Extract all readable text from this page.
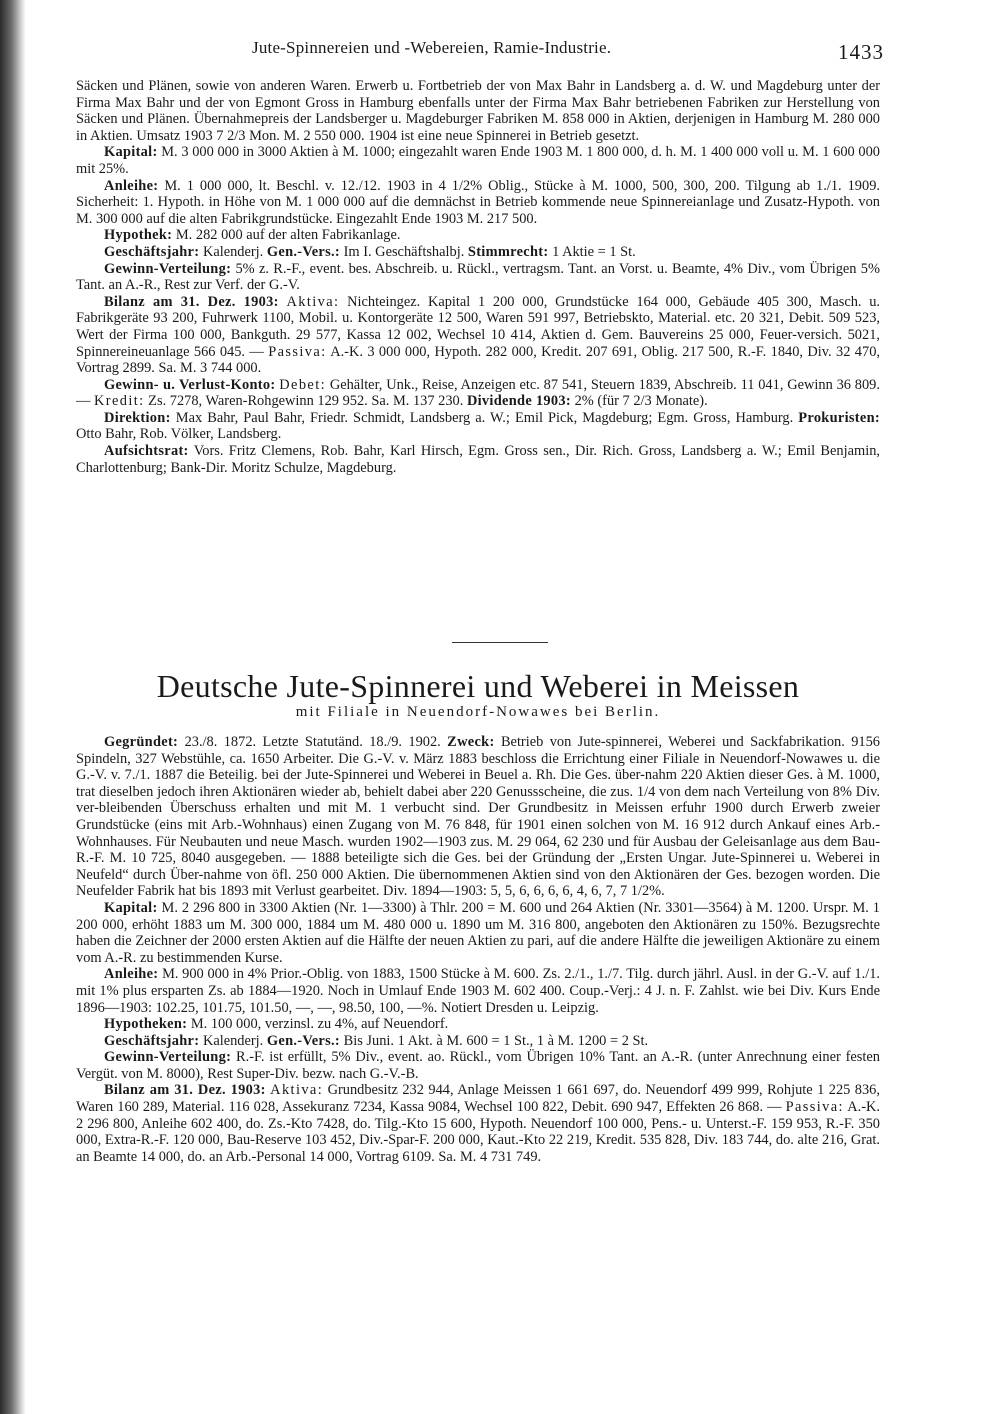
Jute-Spinnereien und -Webereien, Ramie-Industrie.	1433

Säcken und Plänen, sowie von anderen Waren. Erwerb u. Fortbetrieb der von Max Bahr in Landsberg a. d. W. und Magdeburg unter der Firma Max Bahr und der von Egmont Gross in Hamburg ebenfalls unter der Firma Max Bahr betriebenen Fabriken zur Herstellung von Säcken und Plänen. Übernahmepreis der Landsberger u. Magdeburger Fabriken M. 858 000 in Aktien, derjenigen in Hamburg M. 280 000 in Aktien. Umsatz 1903 7 2/3 Mon. M. 2 550 000. 1904 ist eine neue Spinnerei in Betrieb gesetzt.

Kapital: M. 3 000 000 in 3000 Aktien à M. 1000; eingezahlt waren Ende 1903 M. 1 800 000, d. h. M. 1 400 000 voll u. M. 1 600 000 mit 25%.

Anleihe: M. 1 000 000, lt. Beschl. v. 12./12. 1903 in 4 1/2% Oblig., Stücke à M. 1000, 500, 300, 200. Tilgung ab 1./1. 1909. Sicherheit: 1. Hypoth. in Höhe von M. 1 000 000 auf die demnächst in Betrieb kommende neue Spinnereianlage und Zusatz-Hypoth. von M. 300 000 auf die alten Fabrikgrundstücke. Eingezahlt Ende 1903 M. 217 500.

Hypothek: M. 282 000 auf der alten Fabrikanlage.

Geschäftsjahr: Kalenderj. Gen.-Vers.: Im I. Geschäftshalbj. Stimmrecht: 1 Aktie = 1 St.

Gewinn-Verteilung: 5% z. R.-F., event. bes. Abschreib. u. Rückl., vertragsm. Tant. an Vorst. u. Beamte, 4% Div., vom Übrigen 5% Tant. an A.-R., Rest zur Verf. der G.-V.

Bilanz am 31. Dez. 1903: Aktiva: Nichteingez. Kapital 1 200 000, Grundstücke 164 000, Gebäude 405 300, Masch. u. Fabrikgeräte 93 200, Fuhrwerk 1100, Mobil. u. Kontorgeräte 12 500, Waren 591 997, Betriebskto, Material. etc. 20 321, Debit. 509 523, Wert der Firma 100 000, Bankguth. 29 577, Kassa 12 002, Wechsel 10 414, Aktien d. Gem. Bauvereins 25 000, Feuer-versich. 5021, Spinnereineuanlage 566 045. — Passiva: A.-K. 3 000 000, Hypoth. 282 000, Kredit. 207 691, Oblig. 217 500, R.-F. 1840, Div. 32 470, Vortrag 2899. Sa. M. 3 744 000.

Gewinn- u. Verlust-Konto: Debet: Gehälter, Unk., Reise, Anzeigen etc. 87 541, Steuern 1839, Abschreib. 11 041, Gewinn 36 809. — Kredit: Zs. 7278, Waren-Rohgewinn 129 952. Sa. M. 137 230. Dividende 1903: 2% (für 7 2/3 Monate).

Direktion: Max Bahr, Paul Bahr, Friedr. Schmidt, Landsberg a. W.; Emil Pick, Magdeburg; Egm. Gross, Hamburg. Prokuristen: Otto Bahr, Rob. Völker, Landsberg.

Aufsichtsrat: Vors. Fritz Clemens, Rob. Bahr, Karl Hirsch, Egm. Gross sen., Dir. Rich. Gross, Landsberg a. W.; Emil Benjamin, Charlottenburg; Bank-Dir. Moritz Schulze, Magdeburg.

Deutsche Jute-Spinnerei und Weberei in Meissen
mit Filiale in Neuendorf-Nowawes bei Berlin.

Gegründet: 23./8. 1872. Letzte Statutänd. 18./9. 1902. Zweck: Betrieb von Jute-spinnerei, Weberei und Sackfabrikation. 9156 Spindeln, 327 Webstühle, ca. 1650 Arbeiter. Die G.-V. v. März 1883 beschloss die Errichtung einer Filiale in Neuendorf-Nowawes u. die G.-V. v. 7./1. 1887 die Beteilig. bei der Jute-Spinnerei und Weberei in Beuel a. Rh. Die Ges. über-nahm 220 Aktien dieser Ges. à M. 1000, trat dieselben jedoch ihren Aktionären wieder ab, behielt dabei aber 220 Genussscheine, die zus. 1/4 von dem nach Verteilung von 8% Div. ver-bleibenden Überschuss erhalten und mit M. 1 verbucht sind. Der Grundbesitz in Meissen erfuhr 1900 durch Erwerb zweier Grundstücke (eins mit Arb.-Wohnhaus) einen Zugang von M. 76 848, für 1901 einen solchen von M. 16 912 durch Ankauf eines Arb.-Wohnhauses. Für Neubauten und neue Masch. wurden 1902—1903 zus. M. 29 064, 62 230 und für Ausbau der Geleisanlage aus dem Bau-R.-F. M. 10 725, 8040 ausgegeben. — 1888 beteiligte sich die Ges. bei der Gründung der „Ersten Ungar. Jute-Spinnerei u. Weberei in Neufeld“ durch Über-nahme von öfl. 250 000 Aktien. Die übernommenen Aktien sind von den Aktionären der Ges. bezogen worden. Die Neufelder Fabrik hat bis 1893 mit Verlust gearbeitet. Div. 1894—1903: 5, 5, 6, 6, 6, 6, 4, 6, 7, 7 1/2%.

Kapital: M. 2 296 800 in 3300 Aktien (Nr. 1—3300) à Thlr. 200 = M. 600 und 264 Aktien (Nr. 3301—3564) à M. 1200. Urspr. M. 1 200 000, erhöht 1883 um M. 300 000, 1884 um M. 480 000 u. 1890 um M. 316 800, angeboten den Aktionären zu 150%. Bezugsrechte haben die Zeichner der 2000 ersten Aktien auf die Hälfte der neuen Aktien zu pari, auf die andere Hälfte die jeweiligen Aktionäre zu einem vom A.-R. zu bestimmenden Kurse.

Anleihe: M. 900 000 in 4% Prior.-Oblig. von 1883, 1500 Stücke à M. 600. Zs. 2./1., 1./7. Tilg. durch jährl. Ausl. in der G.-V. auf 1./1. mit 1% plus ersparten Zs. ab 1884—1920. Noch in Umlauf Ende 1903 M. 602 400. Coup.-Verj.: 4 J. n. F. Zahlst. wie bei Div. Kurs Ende 1896—1903: 102.25, 101.75, 101.50, —, —, 98.50, 100, —%. Notiert Dresden u. Leipzig.

Hypotheken: M. 100 000, verzinsl. zu 4%, auf Neuendorf.

Geschäftsjahr: Kalenderj. Gen.-Vers.: Bis Juni. 1 Akt. à M. 600 = 1 St., 1 à M. 1200 = 2 St.

Gewinn-Verteilung: R.-F. ist erfüllt, 5% Div., event. ao. Rückl., vom Übrigen 10% Tant. an A.-R. (unter Anrechnung einer festen Vergüt. von M. 8000), Rest Super-Div. bezw. nach G.-V.-B.

Bilanz am 31. Dez. 1903: Aktiva: Grundbesitz 232 944, Anlage Meissen 1 661 697, do. Neuendorf 499 999, Rohjute 1 225 836, Waren 160 289, Material. 116 028, Assekuranz 7234, Kassa 9084, Wechsel 100 822, Debit. 690 947, Effekten 26 868. — Passiva: A.-K. 2 296 800, Anleihe 602 400, do. Zs.-Kto 7428, do. Tilg.-Kto 15 600, Hypoth. Neuendorf 100 000, Pens.- u. Unterst.-F. 159 953, R.-F. 350 000, Extra-R.-F. 120 000, Bau-Reserve 103 452, Div.-Spar-F. 200 000, Kaut.-Kto 22 219, Kredit. 535 828, Div. 183 744, do. alte 216, Grat. an Beamte 14 000, do. an Arb.-Personal 14 000, Vortrag 6109. Sa. M. 4 731 749.
